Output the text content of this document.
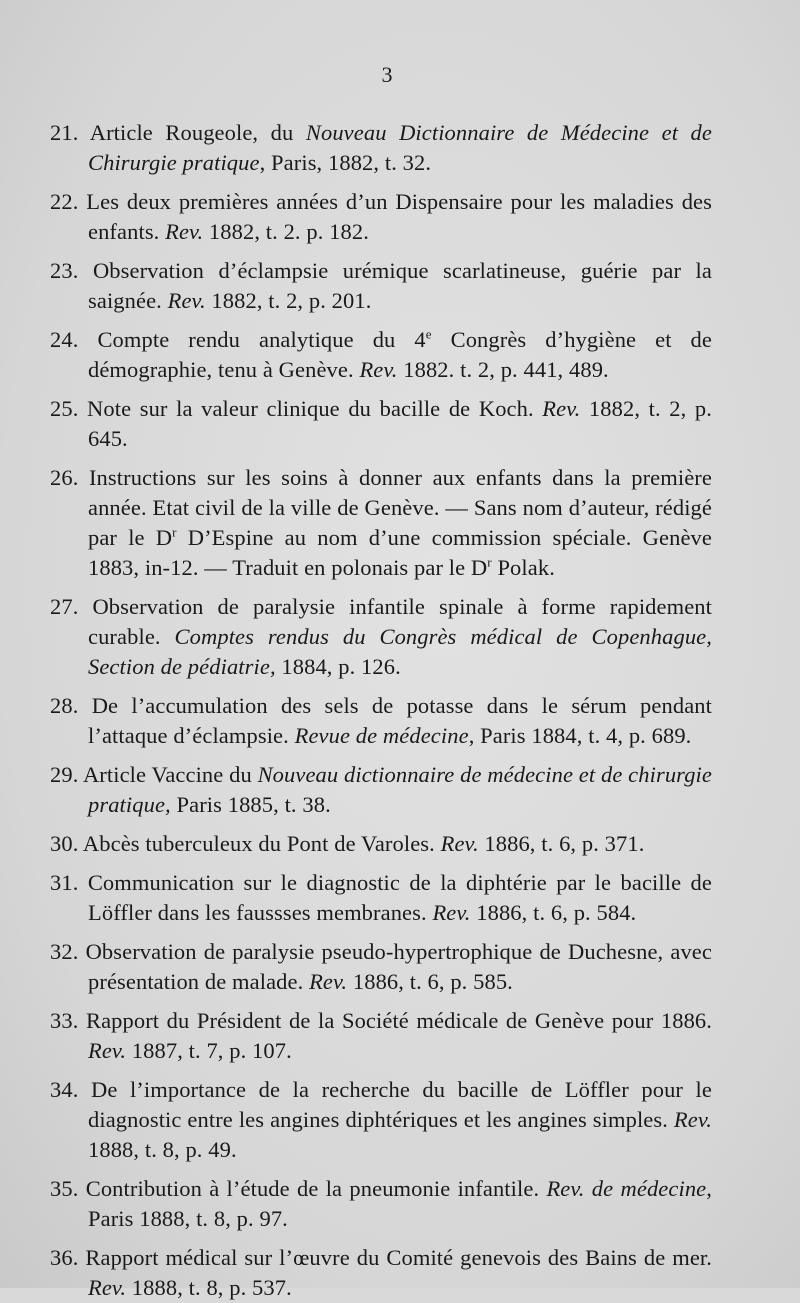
3

21. Article Rougeole, du Nouveau Dictionnaire de Médecine et de Chirurgie pratique, Paris, 1882, t. 32.

22. Les deux premières années d’un Dispensaire pour les maladies des enfants. Rev. 1882, t. 2. p. 182.

23. Observation d’éclampsie urémique scarlatineuse, guérie par la saignée. Rev. 1882, t. 2, p. 201.

24. Compte rendu analytique du 4e Congrès d’hygiène et de démographie, tenu à Genève. Rev. 1882. t. 2, p. 441, 489.

25. Note sur la valeur clinique du bacille de Koch. Rev. 1882, t. 2, p. 645.

26. Instructions sur les soins à donner aux enfants dans la première année. Etat civil de la ville de Genève. — Sans nom d’auteur, rédigé par le $D^r$ D’Espine au nom d’une commission spéciale. Genève 1883, in-12. — Traduit en polonais par le $D^r$ Polak.

27. Observation de paralysie infantile spinale à forme rapidement curable. Comptes rendus du Congrès médical de Copenhague, Section de pédiatrie, 1884, p. 126.

28. De l’accumulation des sels de potasse dans le sérum pendant l’attaque d’éclampsie. Revue de médecine, Paris 1884, t. 4, p. 689.

29. Article Vaccine du Nouveau dictionnaire de médecine et de chirurgie pratique, Paris 1885, t. 38.

30. Abcès tuberculeux du Pont de Varoles. Rev. 1886, t. 6, p. 371.

31. Communication sur le diagnostic de la diphtérie par le bacille de Löffler dans les faussses membranes. Rev. 1886, t. 6, p. 584.

32. Observation de paralysie pseudo-hypertrophique de Duchesne, avec présentation de malade. Rev. 1886, t. 6, p. 585.

33. Rapport du Président de la Société médicale de Genève pour 1886. Rev. 1887, t. 7, p. 107.

34. De l’importance de la recherche du bacille de Löffler pour le diagnostic entre les angines diphtériques et les angines simples. Rev. 1888, t. 8, p. 49.

35. Contribution à l’étude de la pneumonie infantile. Rev. de médecine, Paris 1888, t. 8, p. 97.

36. Rapport médical sur l’œuvre du Comité genevois des Bains de mer. Rev. 1888, t. 8, p. 537.
